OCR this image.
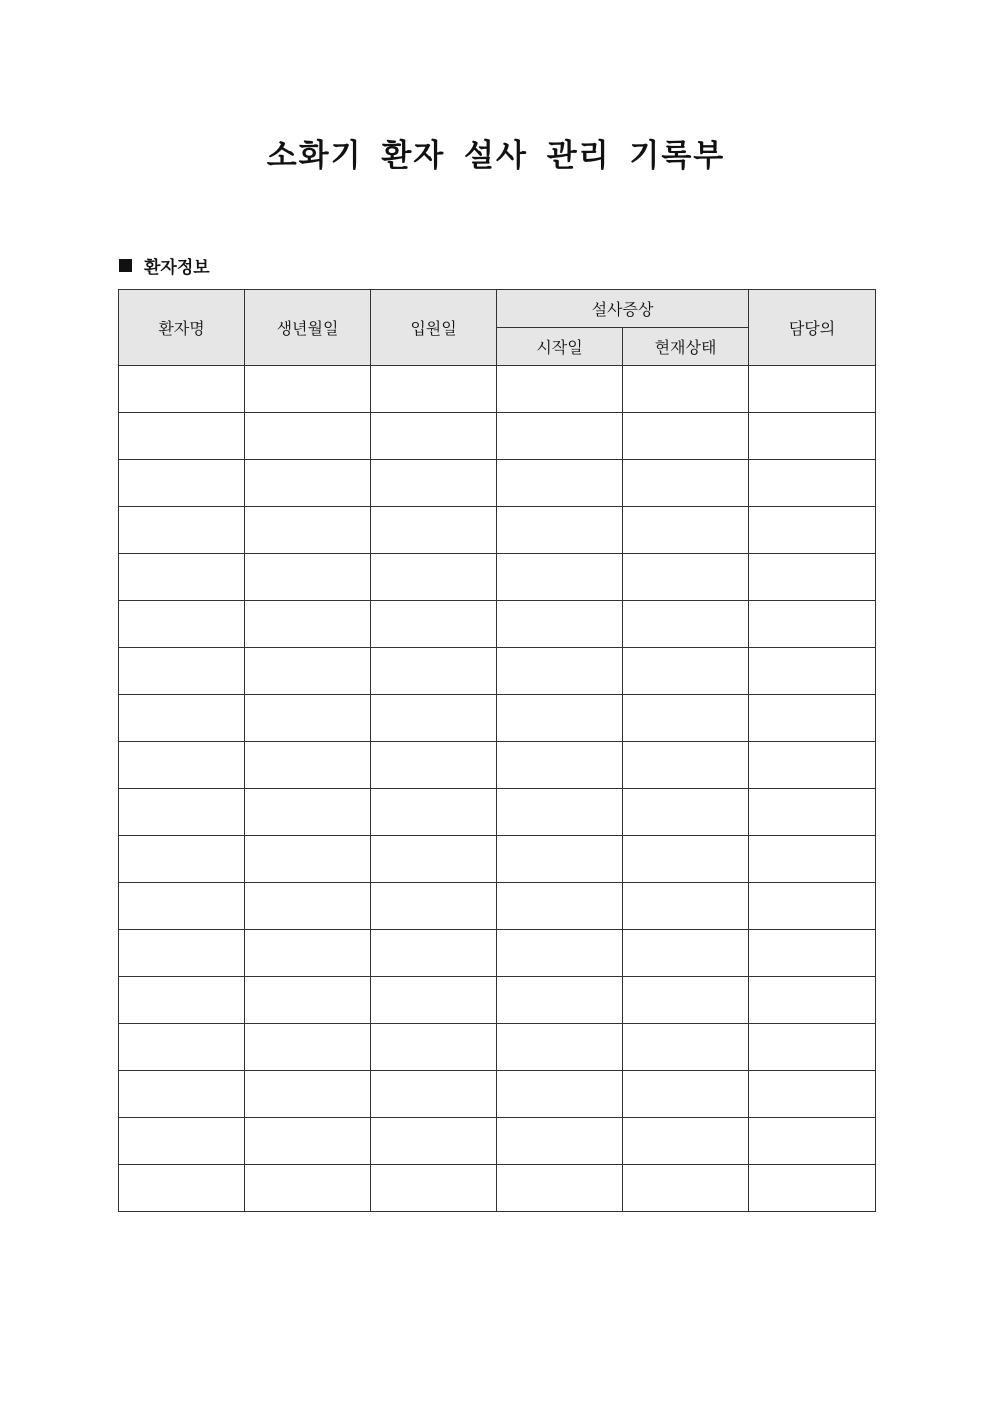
소화기 환자 설사 관리 기록부
환자정보
환자명	생년월일	입원일	설사증상		담당의
			시작일	현재상태	
